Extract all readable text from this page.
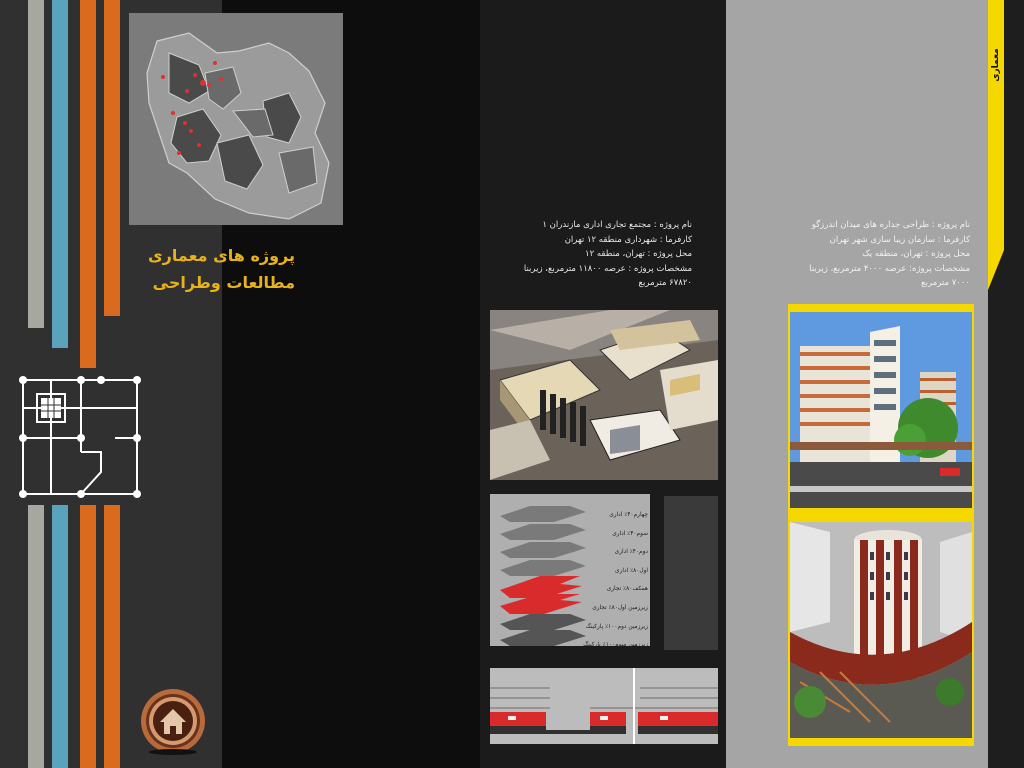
پروژه های معماری
مطالعات وطراحی
نام پروژه : مجتمع تجاری اداری مازندران ۱
کارفرما : شهرداری منطقه ۱۲ تهران
محل پروژه : تهران، منطقه ۱۲
مشخصات پروژه : عرصه ۱۱۸۰۰ مترمربع، زیربنا
۶۷۸۲۰ مترمربع
چهارم۴۰٪ اداری
سوم۴۰٪ اداری
دوم۴۰٪ اداری
اول۸۰٪ اداری
همکف۸۰٪ تجاری
زیرزمین اول۸۰٪ تجاری
زیرزمین دوم۱۰۰٪ پارکینگ
زیرزمین سوم۱۰۰٪ پارکینگ
نام پروژه : طراحی جداره های میدان اندرزگو
کارفرما : سازمان زیبا سازی شهر تهران
محل پروژه : تهران، منطقه یک
مشخصات پروژه: عرصه ۴۰۰۰ مترمربع، زیربنا
۷۰۰۰ مترمربع
معماری
